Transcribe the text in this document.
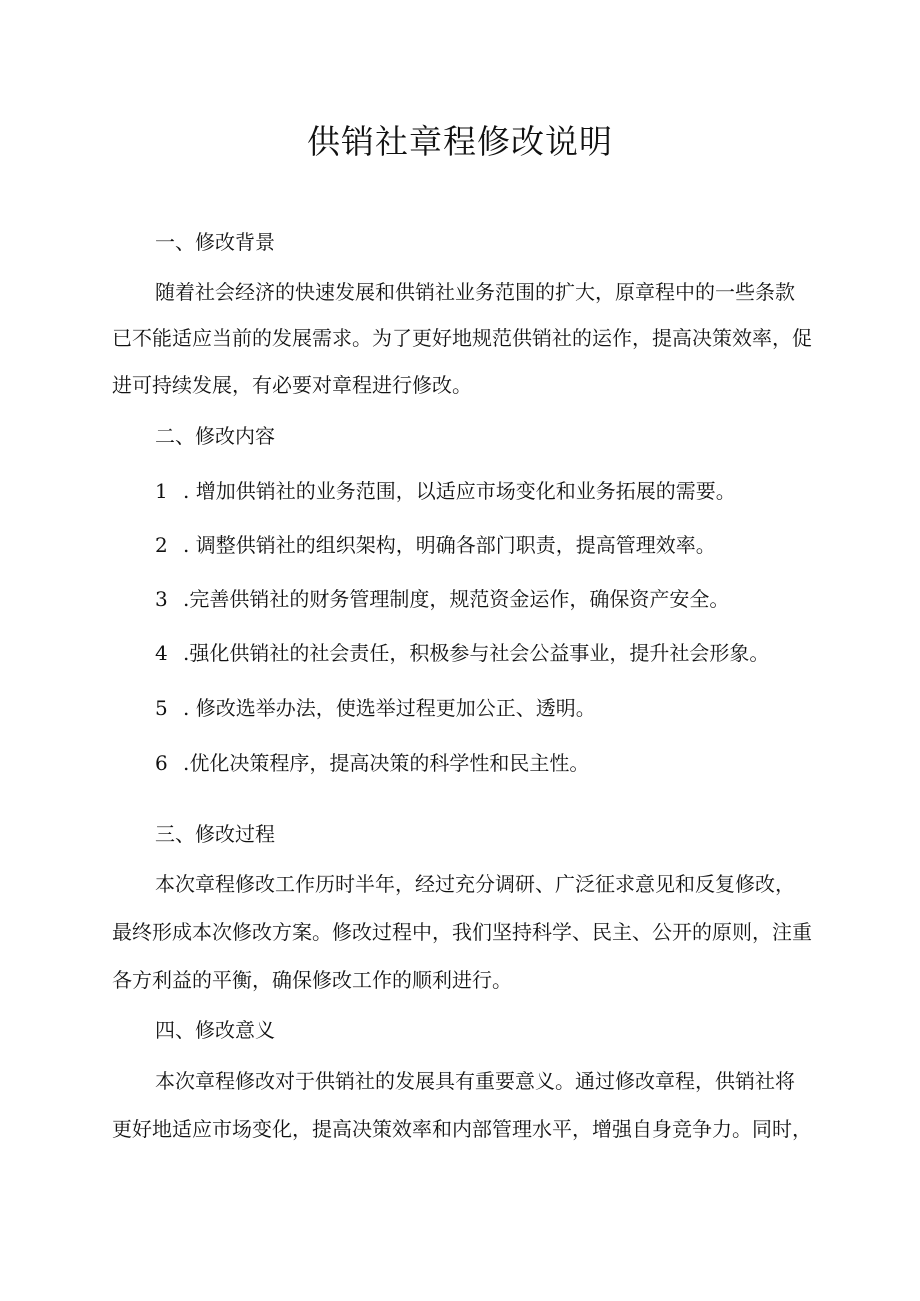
供销社章程修改说明

一、修改背景

随着社会经济的快速发展和供销社业务范围的扩大，原章程中的一些条款

已不能适应当前的发展需求。为了更好地规范供销社的运作，提高决策效率，促

进可持续发展，有必要对章程进行修改。

二、修改内容

1 . 增加供销社的业务范围，以适应市场变化和业务拓展的需要。

2 . 调整供销社的组织架构，明确各部门职责，提高管理效率。

3 .完善供销社的财务管理制度，规范资金运作，确保资产安全。

4 .强化供销社的社会责任，积极参与社会公益事业，提升社会形象。

5 . 修改选举办法，使选举过程更加公正、透明。

6 .优化决策程序，提高决策的科学性和民主性。

三、修改过程

本次章程修改工作历时半年，经过充分调研、广泛征求意见和反复修改，

最终形成本次修改方案。修改过程中，我们坚持科学、民主、公开的原则，注重

各方利益的平衡，确保修改工作的顺利进行。

四、修改意义

本次章程修改对于供销社的发展具有重要意义。通过修改章程，供销社将

更好地适应市场变化，提高决策效率和内部管理水平，增强自身竞争力。同时，
